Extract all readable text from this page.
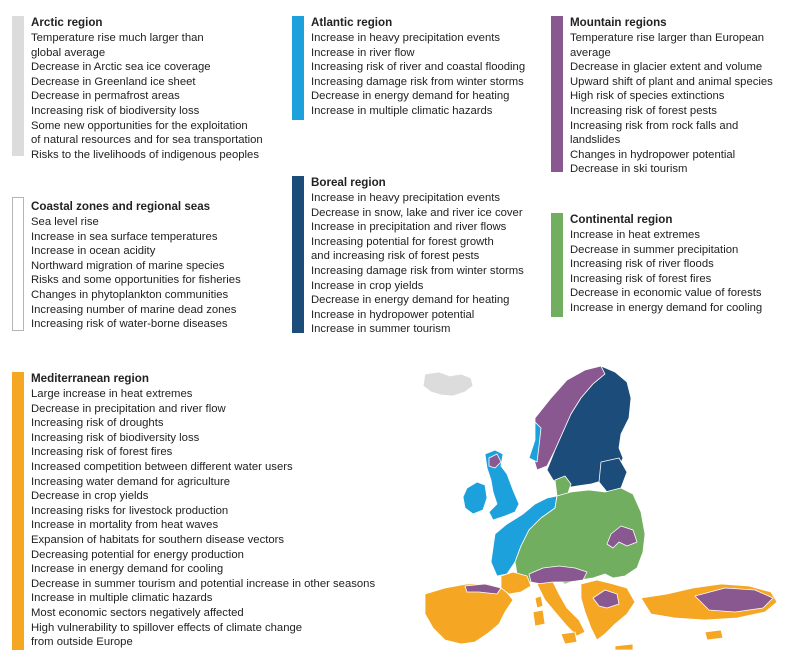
Arctic region
Temperature rise much larger than
global average
Decrease in Arctic sea ice coverage
Decrease in Greenland ice sheet
Decrease in permafrost areas
Increasing risk of biodiversity loss
Some new opportunities for the exploitation
of natural resources and for sea transportation
Risks to the livelihoods of indigenous peoples
Atlantic region
Increase in heavy precipitation events
Increase in river flow
Increasing risk of river and coastal flooding
Increasing damage risk from winter storms
Decrease in energy demand for heating
Increase in multiple climatic hazards
Mountain regions
Temperature rise larger than European
average
Decrease in glacier extent and volume
Upward shift of plant and animal species
High risk of species extinctions
Increasing risk of forest pests
Increasing risk from rock falls and
landslides
Changes in hydropower potential
Decrease in ski tourism
Coastal zones and regional seas
Sea level rise
Increase in sea surface temperatures
Increase in ocean acidity
Northward migration of marine species
Risks and some opportunities for fisheries
Changes in phytoplankton communities
Increasing number of marine dead zones
Increasing risk of water-borne diseases
Boreal region
Increase in heavy precipitation events
Decrease in snow, lake and river ice cover
Increase in precipitation and river flows
Increasing potential for forest growth
and increasing risk of forest pests
Increasing damage risk from winter storms
Increase in crop yields
Decrease in energy demand for heating
Increase in hydropower potential
Increase in summer tourism
Continental region
Increase in heat extremes
Decrease in summer precipitation
Increasing risk of river floods
Increasing risk of forest fires
Decrease in economic value of forests
Increase in energy demand for cooling
Mediterranean region
Large increase in heat extremes
Decrease in precipitation and river flow
Increasing risk of droughts
Increasing risk of biodiversity loss
Increasing risk of forest fires
Increased competition between different water users
Increasing water demand for agriculture
Decrease in crop yields
Increasing risks for livestock production
Increase in mortality from heat waves
Expansion of habitats for southern disease vectors
Decreasing potential for energy production
Increase in energy demand for cooling
Decrease in summer tourism and potential increase in other seasons
Increase in multiple climatic hazards
Most economic sectors negatively affected
High vulnerability to spillover effects of climate change
from outside Europe
